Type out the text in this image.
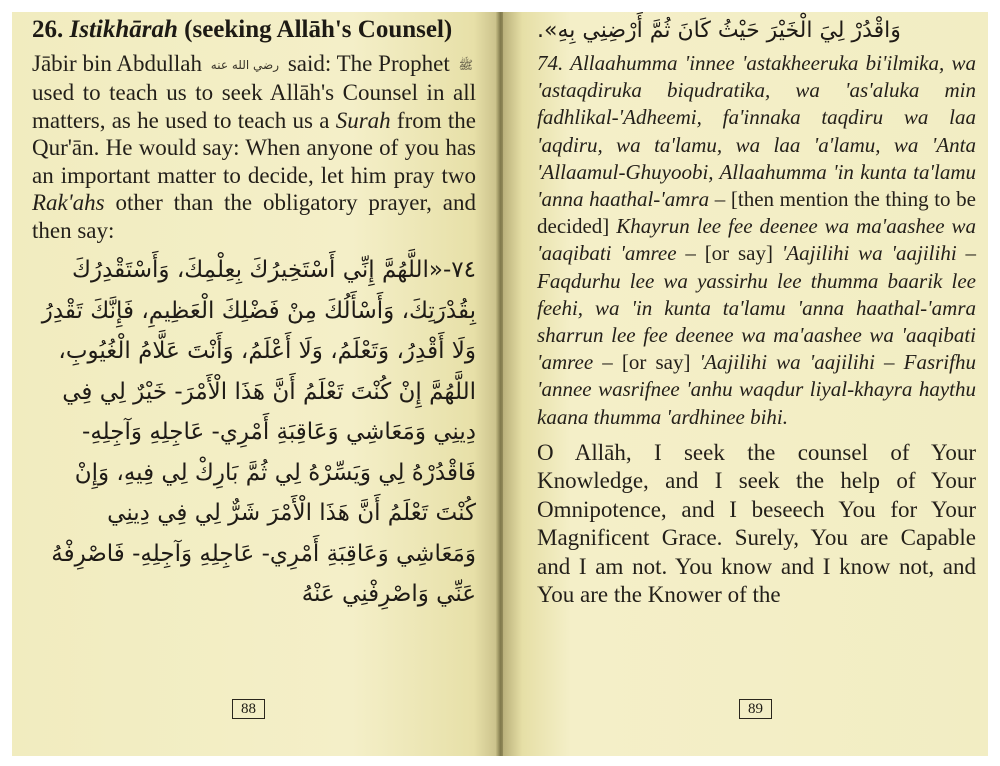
26. Istikhārah (seeking Allāh's Counsel)

Jābir bin Abdullah رضي الله عنه said: The Prophet ﷺ used to teach us to seek Allāh's Counsel in all matters, as he used to teach us a Surah from the Qur'ān. He would say: When anyone of you has an important matter to decide, let him pray two Rak'ahs other than the obligatory prayer, and then say:

٧٤-«اللَّهُمَّ إِنِّي أَسْتَخِيرُكَ بِعِلْمِكَ، وَأَسْتَقْدِرُكَ بِقُدْرَتِكَ، وَأَسْأَلُكَ مِنْ فَضْلِكَ الْعَظِيمِ، فَإِنَّكَ تَقْدِرُ وَلَا أَقْدِرُ، وَتَعْلَمُ، وَلَا أَعْلَمُ، وَأَنْتَ عَلَّامُ الْغُيُوبِ، اللَّهُمَّ إِنْ كُنْتَ تَعْلَمُ أَنَّ هَذَا الْأَمْرَ- خَيْرٌ لِي فِي دِينِي وَمَعَاشِي وَعَاقِبَةِ أَمْرِي- عَاجِلِهِ وَآجِلِهِ- فَاقْدُرْهُ لِي وَيَسِّرْهُ لِي ثُمَّ بَارِكْ لِي فِيهِ، وَإِنْ كُنْتَ تَعْلَمُ أَنَّ هَذَا الْأَمْرَ شَرٌّ لِي فِي دِينِي وَمَعَاشِي وَعَاقِبَةِ أَمْرِي- عَاجِلِهِ وَآجِلِهِ- فَاصْرِفْهُ عَنِّي وَاصْرِفْنِي عَنْهُ

88

وَاقْدُرْ لِيَ الْخَيْرَ حَيْثُ كَانَ ثُمَّ أَرْضِنِي بِهِ».

74. Allaahumma 'innee 'astakheeruka bi'ilmika, wa 'astaqdiruka biqudratika, wa 'as'aluka min fadhlikal-'Adheemi, fa'innaka taqdiru wa laa 'aqdiru, wa ta'lamu, wa laa 'a'lamu, wa 'Anta 'Allaamul-Ghuyoobi, Allaahumma 'in kunta ta'lamu 'anna haathal-'amra – [then mention the thing to be decided] Khayrun lee fee deenee wa ma'aashee wa 'aaqibati 'amree – [or say] 'Aajilihi wa 'aajilihi – Faqdurhu lee wa yassirhu lee thumma baarik lee feehi, wa 'in kunta ta'lamu 'anna haathal-'amra sharrun lee fee deenee wa ma'aashee wa 'aaqibati 'amree – [or say] 'Aajilihi wa 'aajilihi – Fasrifhu 'annee wasrifnee 'anhu waqdur liyal-khayra haythu kaana thumma 'ardhinee bihi.

O Allāh, I seek the counsel of Your Knowledge, and I seek the help of Your Omnipotence, and I beseech You for Your Magnificent Grace. Surely, You are Capable and I am not. You know and I know not, and You are the Knower of the

89
